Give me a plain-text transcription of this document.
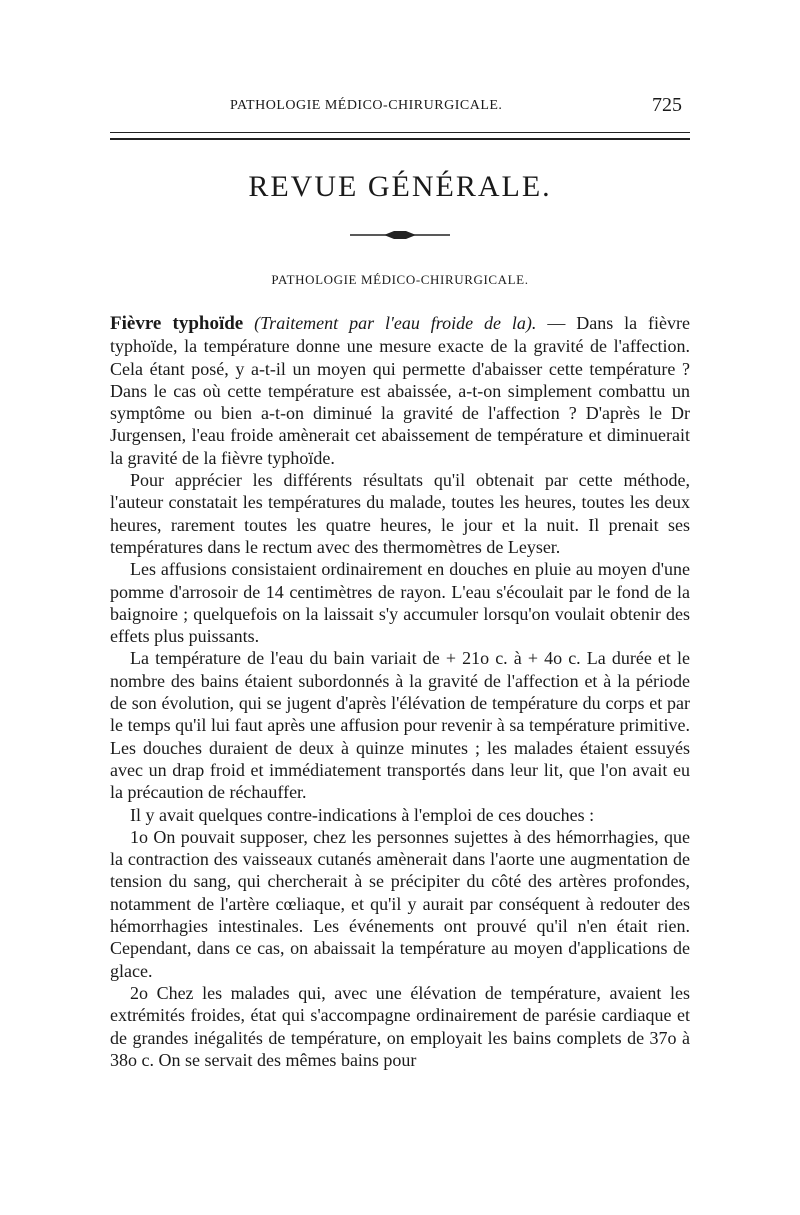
PATHOLOGIE MÉDICO-CHIRURGICALE.	725
REVUE GÉNÉRALE.
PATHOLOGIE MÉDICO-CHIRURGICALE.

Fièvre typhoïde (Traitement par l'eau froide de la). — Dans la fièvre typhoïde, la température donne une mesure exacte de la gravité de l'affection. Cela étant posé, y a-t-il un moyen qui permette d'abaisser cette température ? Dans le cas où cette température est abaissée, a-t-on simplement combattu un symptôme ou bien a-t-on diminué la gravité de l'affection ? D'après le Dr Jurgensen, l'eau froide amènerait cet abaissement de température et diminuerait la gravité de la fièvre typhoïde.

Pour apprécier les différents résultats qu'il obtenait par cette méthode, l'auteur constatait les températures du malade, toutes les heures, toutes les deux heures, rarement toutes les quatre heures, le jour et la nuit. Il prenait ses températures dans le rectum avec des thermomètres de Leyser.

Les affusions consistaient ordinairement en douches en pluie au moyen d'une pomme d'arrosoir de 14 centimètres de rayon. L'eau s'écoulait par le fond de la baignoire ; quelquefois on la laissait s'y accumuler lorsqu'on voulait obtenir des effets plus puissants.

La température de l'eau du bain variait de + 21o c. à + 4o c. La durée et le nombre des bains étaient subordonnés à la gravité de l'affection et à la période de son évolution, qui se jugent d'après l'élévation de température du corps et par le temps qu'il lui faut après une affusion pour revenir à sa température primitive. Les douches duraient de deux à quinze minutes ; les malades étaient essuyés avec un drap froid et immédiatement transportés dans leur lit, que l'on avait eu la précaution de réchauffer.

Il y avait quelques contre-indications à l'emploi de ces douches :

1o On pouvait supposer, chez les personnes sujettes à des hémorrhagies, que la contraction des vaisseaux cutanés amènerait dans l'aorte une augmentation de tension du sang, qui chercherait à se précipiter du côté des artères profondes, notamment de l'artère cœliaque, et qu'il y aurait par conséquent à redouter des hémorrhagies intestinales. Les événements ont prouvé qu'il n'en était rien. Cependant, dans ce cas, on abaissait la température au moyen d'applications de glace.

2o Chez les malades qui, avec une élévation de température, avaient les extrémités froides, état qui s'accompagne ordinairement de parésie cardiaque et de grandes inégalités de température, on employait les bains complets de 37o à 38o c. On se servait des mêmes bains pour
